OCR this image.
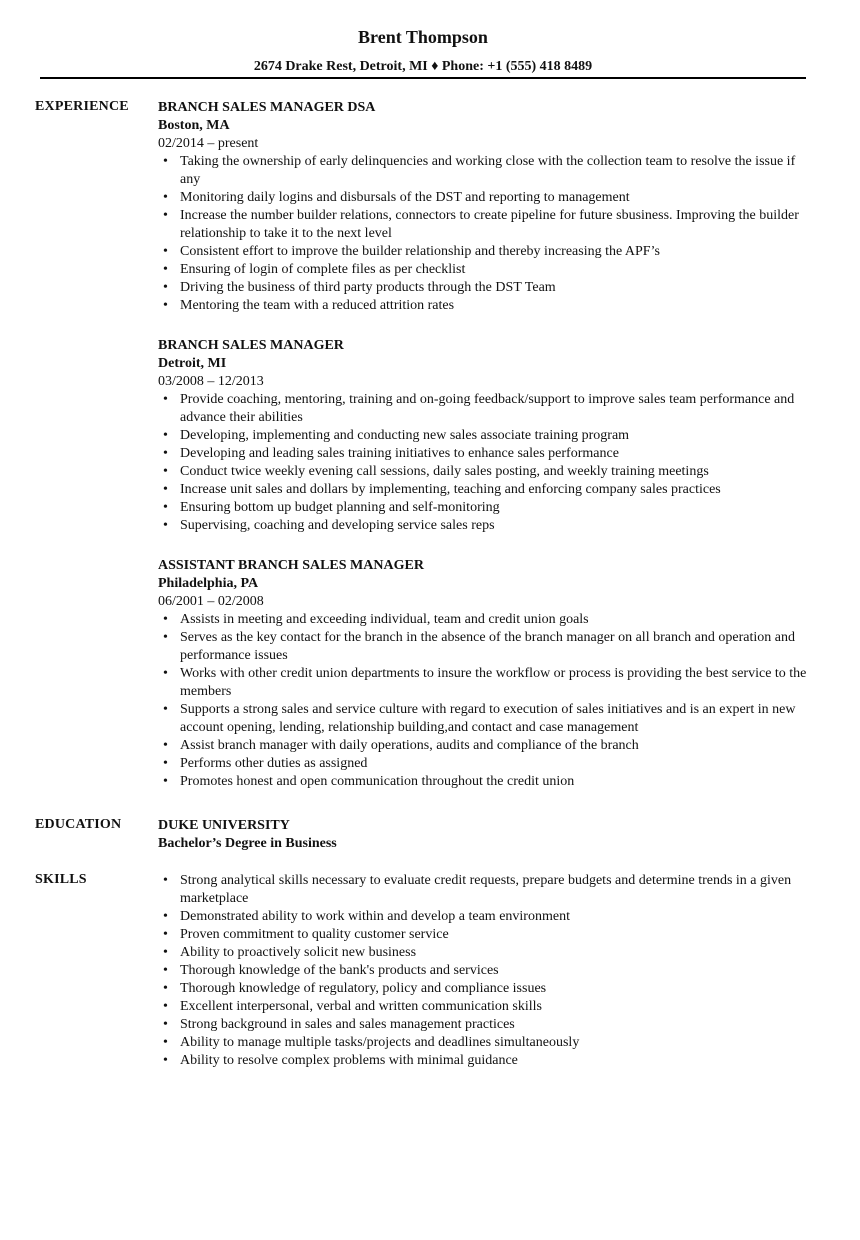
Brent Thompson
2674 Drake Rest, Detroit, MI ♦ Phone: +1 (555) 418 8489
EXPERIENCE BRANCH SALES MANAGER DSA
Boston, MA
02/2014 – present
• Taking the ownership of early delinquencies and working close with the collection team to resolve the issue if any
• Monitoring daily logins and disbursals of the DST and reporting to management
• Increase the number builder relations, connectors to create pipeline for future sbusiness. Improving the builder relationship to take it to the next level
• Consistent effort to improve the builder relationship and thereby increasing the APF’s
• Ensuring of login of complete files as per checklist
• Driving the business of third party products through the DST Team
• Mentoring the team with a reduced attrition rates
BRANCH SALES MANAGER
Detroit, MI
03/2008 – 12/2013
• Provide coaching, mentoring, training and on-going feedback/support to improve sales team performance and advance their abilities
• Developing, implementing and conducting new sales associate training program
• Developing and leading sales training initiatives to enhance sales performance
• Conduct twice weekly evening call sessions, daily sales posting, and weekly training meetings
• Increase unit sales and dollars by implementing, teaching and enforcing company sales practices
• Ensuring bottom up budget planning and self-monitoring
• Supervising, coaching and developing service sales reps
ASSISTANT BRANCH SALES MANAGER
Philadelphia, PA
06/2001 – 02/2008
• Assists in meeting and exceeding individual, team and credit union goals
• Serves as the key contact for the branch in the absence of the branch manager on all branch and operation and performance issues
• Works with other credit union departments to insure the workflow or process is providing the best service to the members
• Supports a strong sales and service culture with regard to execution of sales initiatives and is an expert in new account opening, lending, relationship building,and contact and case management
• Assist branch manager with daily operations, audits and compliance of the branch
• Performs other duties as assigned
• Promotes honest and open communication throughout the credit union
EDUCATION	DUKE UNIVERSITY
Bachelor’s Degree in Business
SKILLS
•	Strong analytical skills necessary to evaluate credit requests, prepare budgets and determine trends in a given marketplace
• Demonstrated ability to work within and develop a team environment
• Proven commitment to quality customer service
• Ability to proactively solicit new business
• Thorough knowledge of the bank's products and services
• Thorough knowledge of regulatory, policy and compliance issues
• Excellent interpersonal, verbal and written communication skills
• Strong background in sales and sales management practices
• Ability to manage multiple tasks/projects and deadlines simultaneously
• Ability to resolve complex problems with minimal guidance
